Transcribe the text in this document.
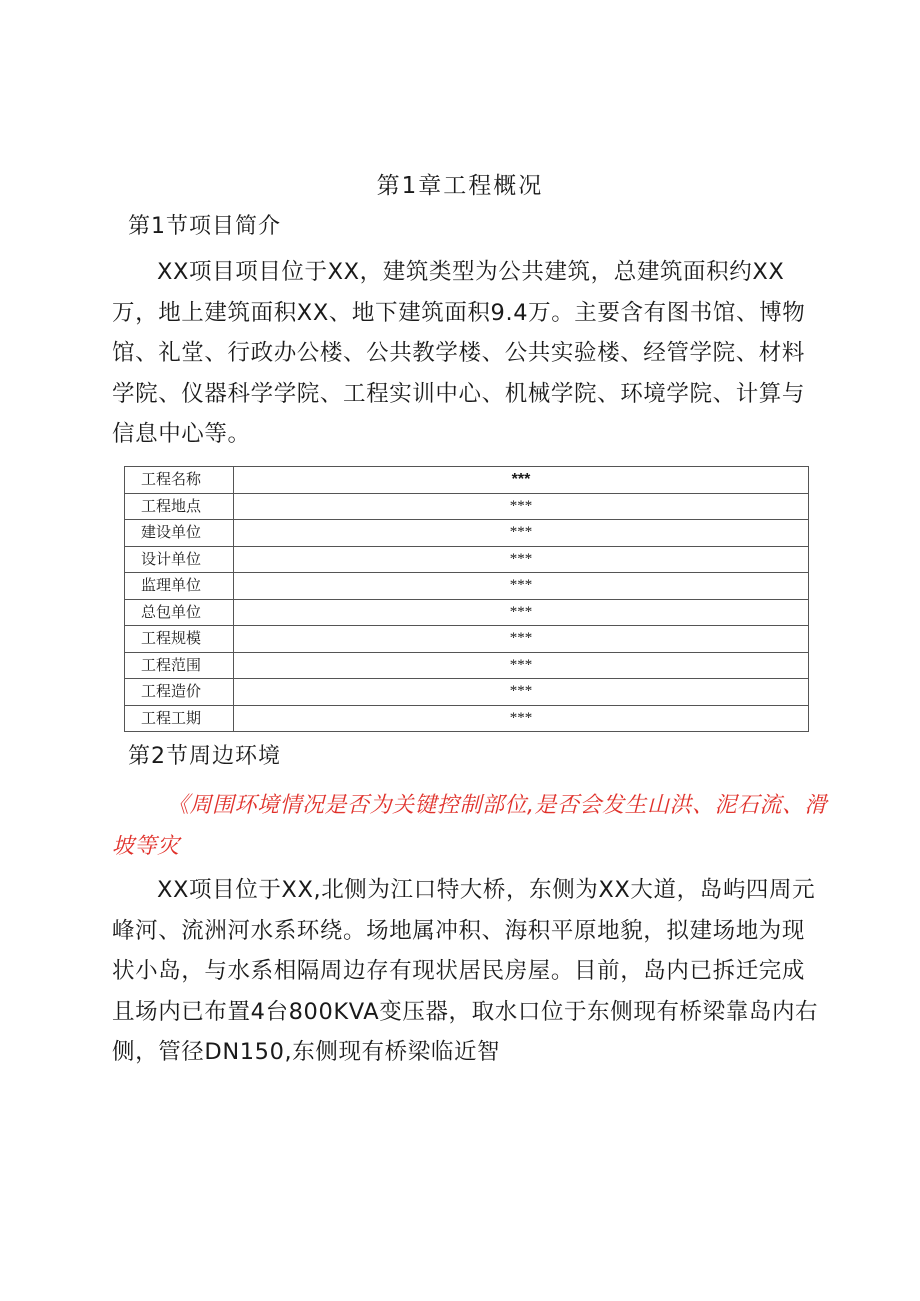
第1章工程概况
第1节项目简介

XX项目项目位于XX，建筑类型为公共建筑，总建筑面积约XX万，地上建筑面积XX、地下建筑面积9.4万。主要含有图书馆、博物馆、礼堂、行政办公楼、公共教学楼、公共实验楼、经管学院、材料学院、仪器科学学院、工程实训中心、机械学院、环境学院、计算与信息中心等。

工程名称	***
工程地点	***
建设单位	***
设计单位	***
监理单位	***
总包单位	***
工程规模	***
工程范围	***
工程造价	***
工程工期	***
第2节周边环境

《周围环境情况是否为关键控制部位,是否会发生山洪、泥石流、滑坡等灾

XX项目位于XX,北侧为江口特大桥，东侧为XX大道，岛屿四周元峰河、流洲河水系环绕。场地属冲积、海积平原地貌，拟建场地为现状小岛，与水系相隔周边存有现状居民房屋。目前，岛内已拆迁完成且场内已布置4台800KVA变压器，取水口位于东侧现有桥梁靠岛内右侧，管径DN150,东侧现有桥梁临近智
